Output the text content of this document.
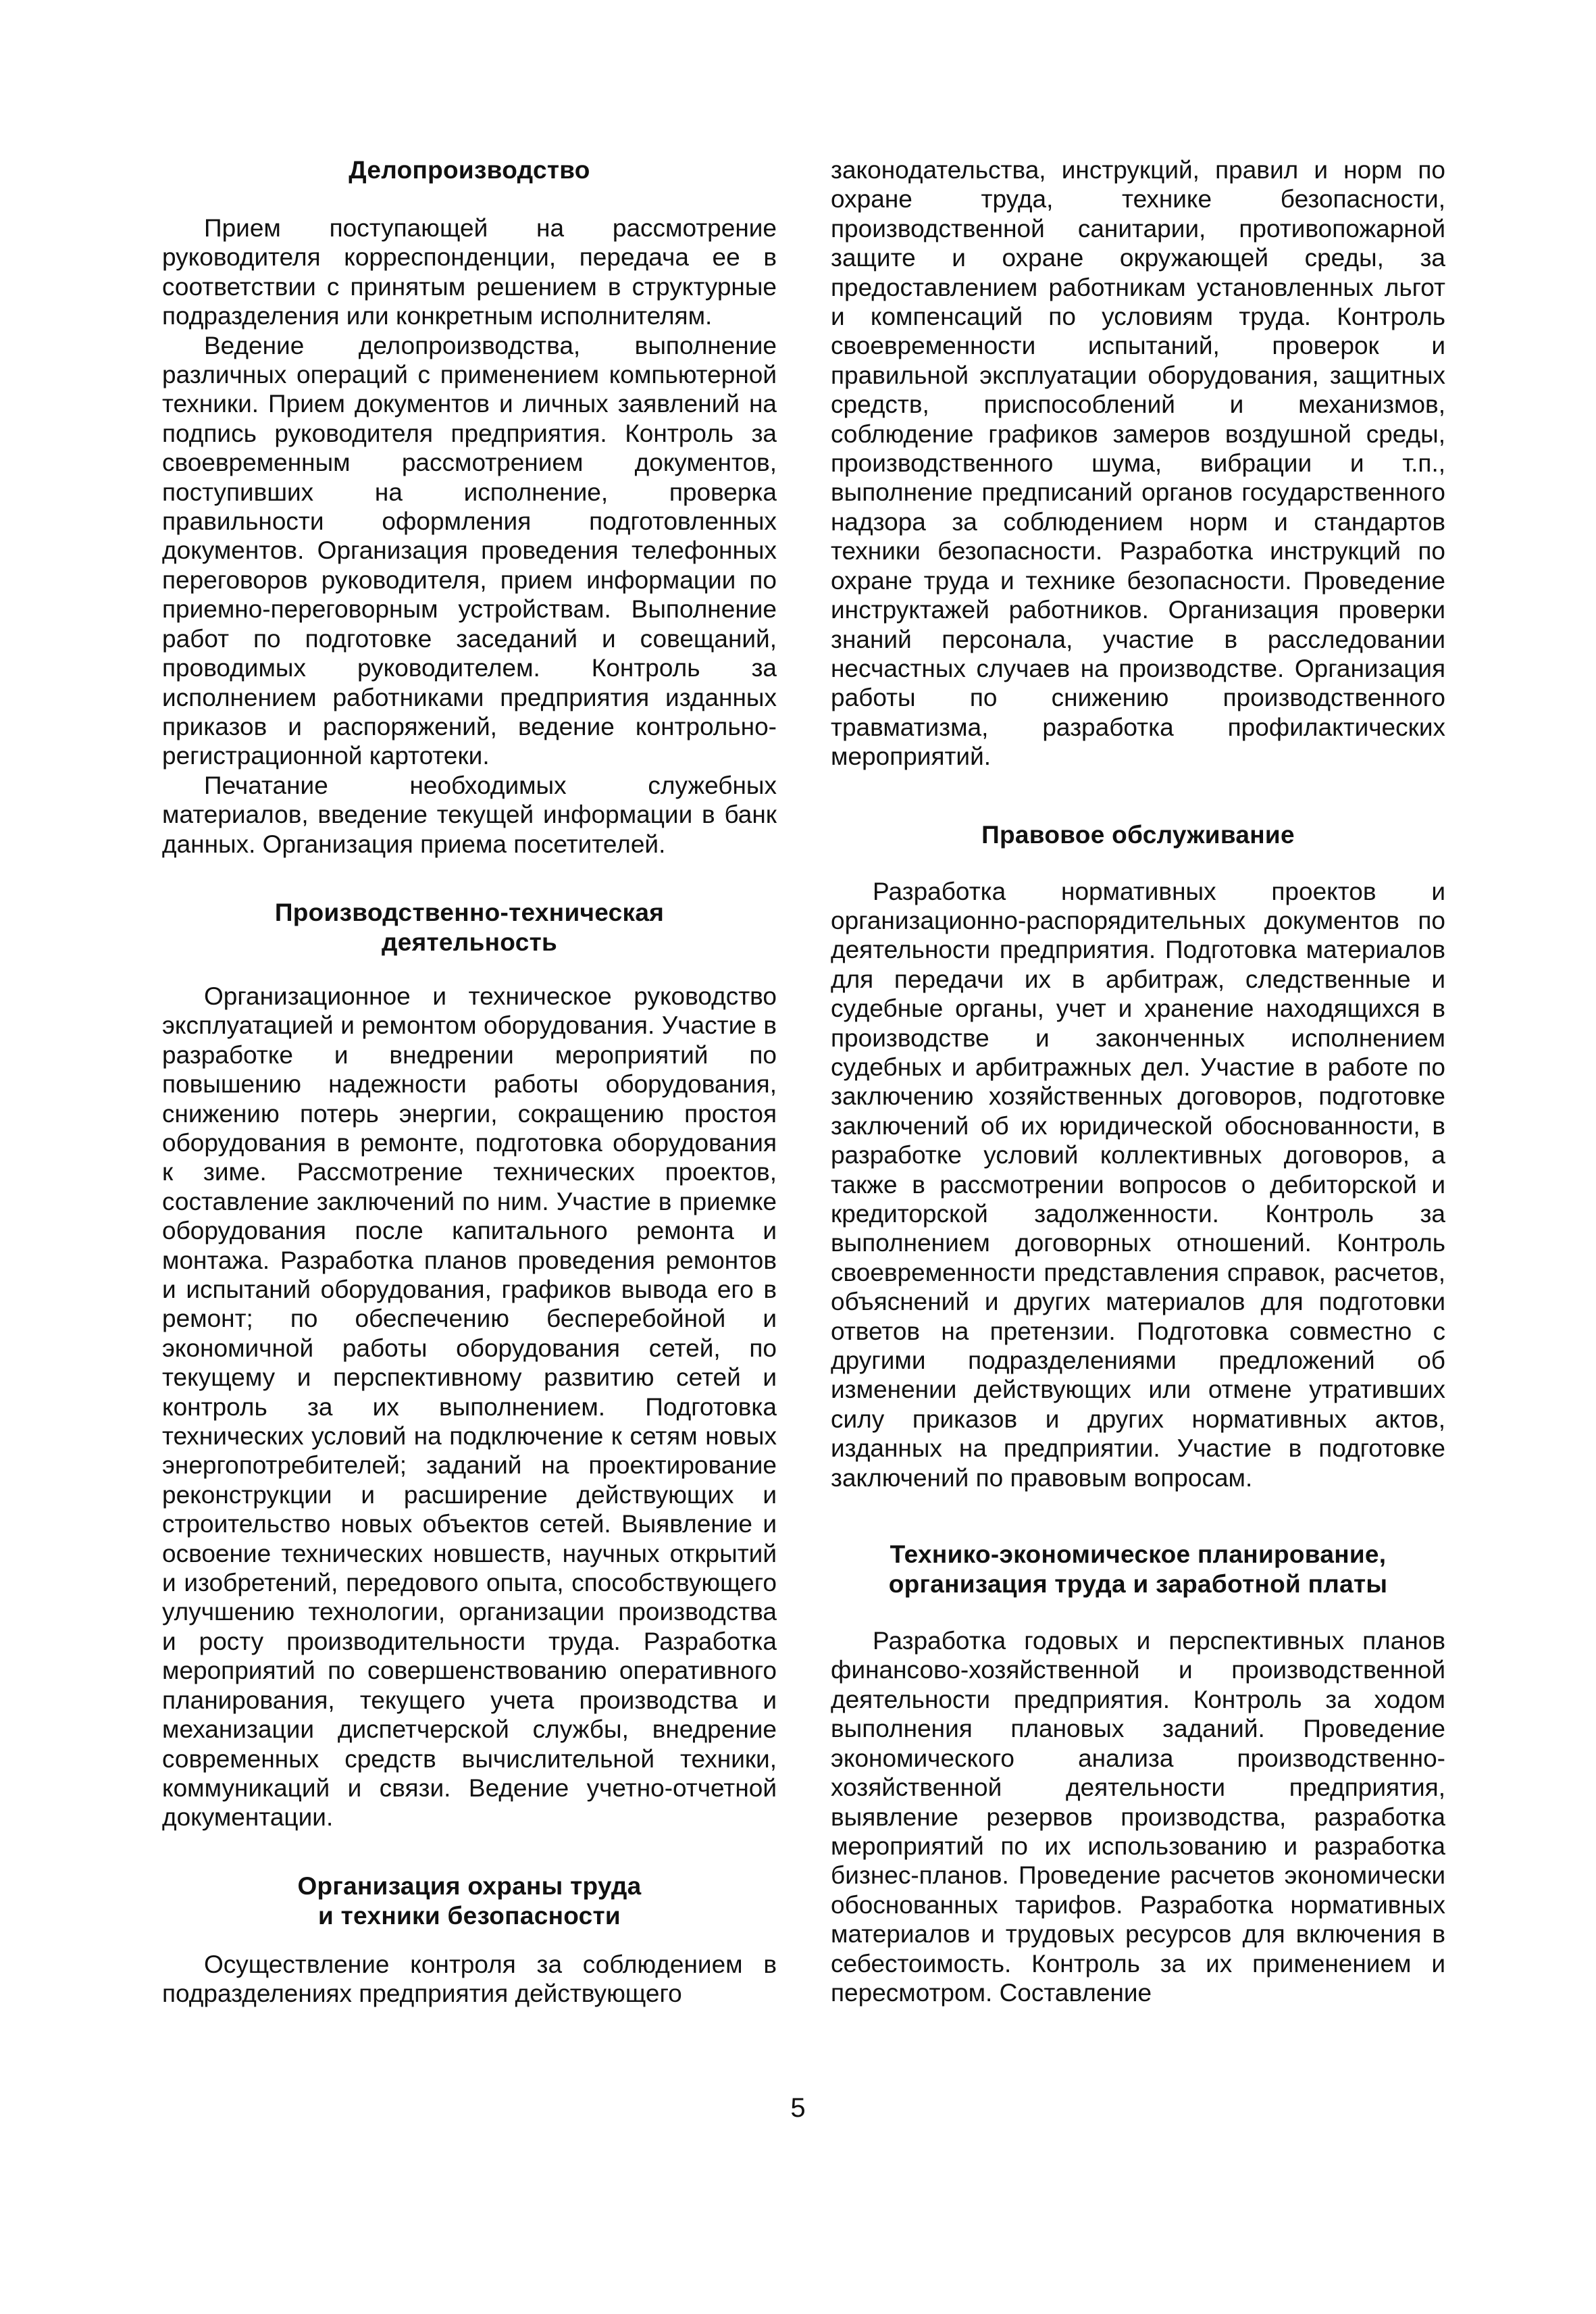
Делопроизводство

Прием поступающей на рассмотрение руководителя корреспонденции, передача ее в соответствии с принятым решением в структурные подразделения или конкретным исполнителям.

Ведение делопроизводства, выполнение различных операций с применением компьютерной техники. Прием документов и личных заявлений на подпись руководителя предприятия. Контроль за своевременным рассмотрением документов, поступивших на исполнение, проверка правильности оформления подготовленных документов. Организация проведения телефонных переговоров руководителя, прием информации по приемно-переговорным устройствам. Выполнение работ по подготовке заседаний и совещаний, проводимых руководителем. Контроль за исполнением работниками предприятия изданных приказов и распоряжений, ведение контрольно-регистрационной картотеки.

Печатание необходимых служебных материалов, введение текущей информации в банк данных. Организация приема посетителей.

Производственно-техническая
деятельность

Организационное и техническое руководство эксплуатацией и ремонтом оборудования. Участие в разработке и внедрении мероприятий по повышению надежности работы оборудования, снижению потерь энергии, сокращению простоя оборудования в ремонте, подготовка оборудования к зиме. Рассмотрение технических проектов, составление заключений по ним. Участие в приемке оборудования после капитального ремонта и монтажа. Разработка планов проведения ремонтов и испытаний оборудования, графиков вывода его в ремонт; по обеспечению бесперебойной и экономичной работы оборудования сетей, по текущему и перспективному развитию сетей и контроль за их выполнением. Подготовка технических условий на подключение к сетям новых энергопотребителей; заданий на проектирование реконструкции и расширение действующих и строительство новых объектов сетей. Выявление и освоение технических новшеств, научных открытий и изобретений, передового опыта, способствующего улучшению технологии, организации производства и росту производительности труда. Разработка мероприятий по совершенствованию оперативного планирования, текущего учета производства и механизации диспетчерской службы, внедрение современных средств вычислительной техники, коммуникаций и связи. Ведение учетно-отчетной документации.

Организация охраны труда
и техники безопасности

Осуществление контроля за соблюдением в подразделениях предприятия действующего

законодательства, инструкций, правил и норм по охране труда, технике безопасности, производственной санитарии, противопожарной защите и охране окружающей среды, за предоставлением работникам установленных льгот и компенсаций по условиям труда. Контроль своевременности испытаний, проверок и правильной эксплуатации оборудования, защитных средств, приспособлений и механизмов, соблюдение графиков замеров воздушной среды, производственного шума, вибрации и т.п., выполнение предписаний органов государственного надзора за соблюдением норм и стандартов техники безопасности. Разработка инструкций по охране труда и технике безопасности. Проведение инструктажей работников. Организация проверки знаний персонала, участие в расследовании несчастных случаев на производстве. Организация работы по снижению производственного травматизма, разработка профилактических мероприятий.

Правовое обслуживание

Разработка нормативных проектов и организационно-распорядительных документов по деятельности предприятия. Подготовка материалов для передачи их в арбитраж, следственные и судебные органы, учет и хранение находящихся в производстве и законченных исполнением судебных и арбитражных дел. Участие в работе по заключению хозяйственных договоров, подготовке заключений об их юридической обоснованности, в разработке условий коллективных договоров, а также в рассмотрении вопросов о дебиторской и кредиторской задолженности. Контроль за выполнением договорных отношений. Контроль своевременности представления справок, расчетов, объяснений и других материалов для подготовки ответов на претензии. Подготовка совместно с другими подразделениями предложений об изменении действующих или отмене утративших силу приказов и других нормативных актов, изданных на предприятии. Участие в подготовке заключений по правовым вопросам.

Технико-экономическое планирование,
организация труда и заработной платы

Разработка годовых и перспективных планов финансово-хозяйственной и производственной деятельности предприятия. Контроль за ходом выполнения плановых заданий. Проведение экономического анализа производственно-хозяйственной деятельности предприятия, выявление резервов производства, разработка мероприятий по их использованию и разработка бизнес-планов. Проведение расчетов экономически обоснованных тарифов. Разработка нормативных материалов и трудовых ресурсов для включения в себестоимость. Контроль за их применением и пересмотром. Составление

5
